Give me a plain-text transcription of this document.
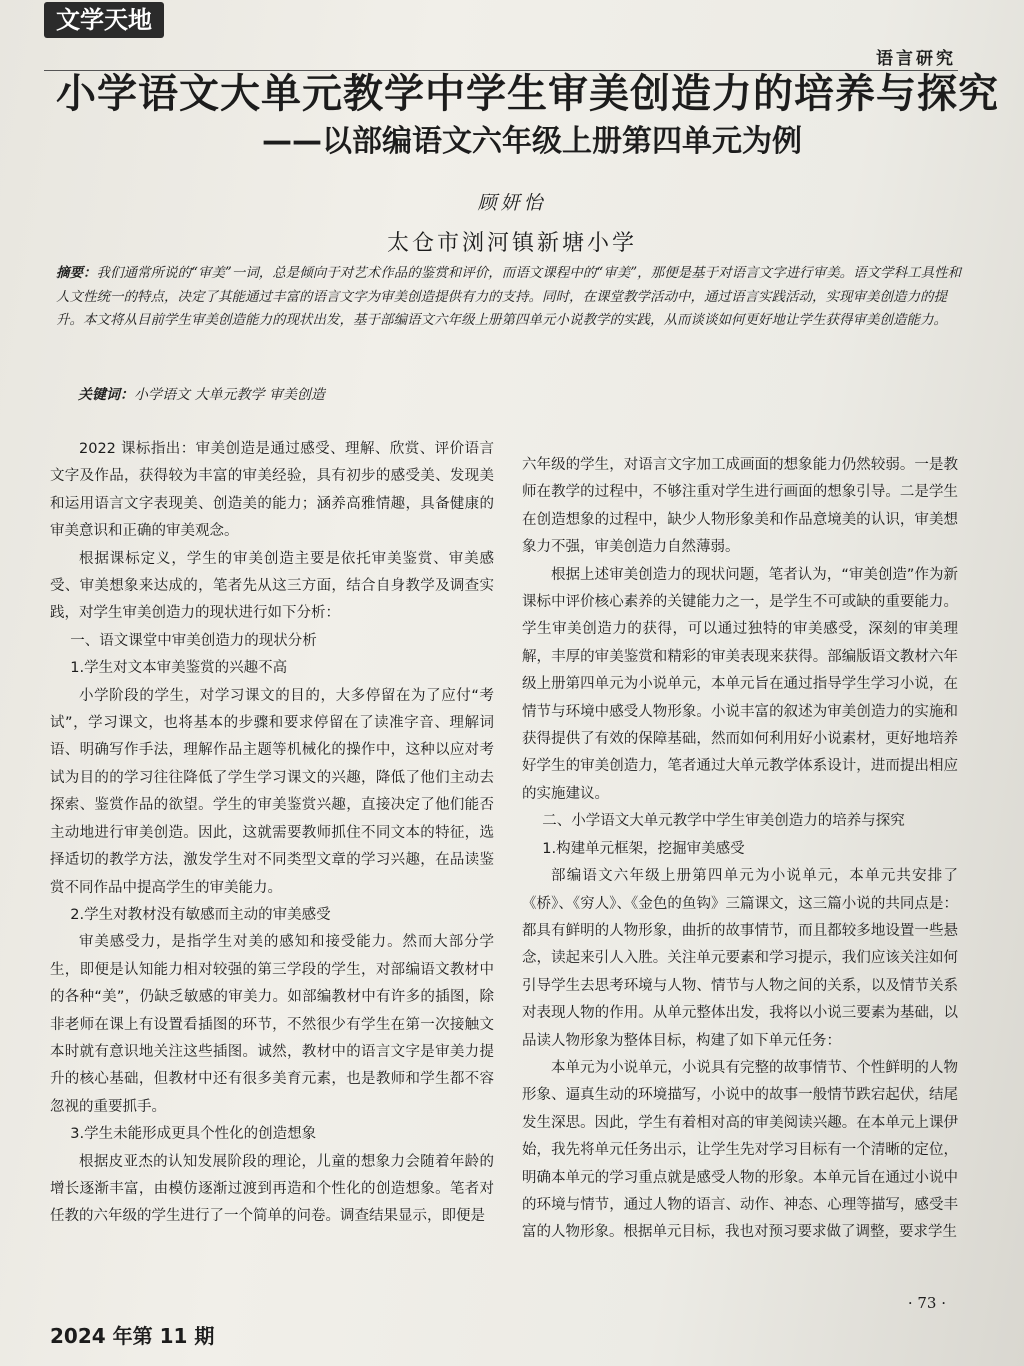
文学天地
语言研究
小学语文大单元教学中学生审美创造力的培养与探究
——以部编语文六年级上册第四单元为例
顾妍怡
太仓市浏河镇新塘小学
摘要：我们通常所说的“审美”一词，总是倾向于对艺术作品的鉴赏和评价，而语文课程中的“审美”，那便是基于对语言文字进行审美。语文学科工具性和人文性统一的特点，决定了其能通过丰富的语言文字为审美创造提供有力的支持。同时，在课堂教学活动中，通过语言实践活动，实现审美创造力的提升。本文将从目前学生审美创造能力的现状出发，基于部编语文六年级上册第四单元小说教学的实践，从而谈谈如何更好地让学生获得审美创造能力。
关键词：小学语文 大单元教学 审美创造

2022 课标指出：审美创造是通过感受、理解、欣赏、评价语言文字及作品，获得较为丰富的审美经验，具有初步的感受美、发现美和运用语言文字表现美、创造美的能力；涵养高雅情趣，具备健康的审美意识和正确的审美观念。

根据课标定义，学生的审美创造主要是依托审美鉴赏、审美感受、审美想象来达成的，笔者先从这三方面，结合自身教学及调查实践，对学生审美创造力的现状进行如下分析：

一、语文课堂中审美创造力的现状分析
1.学生对文本审美鉴赏的兴趣不高

小学阶段的学生，对学习课文的目的，大多停留在为了应付“考试”，学习课文，也将基本的步骤和要求停留在了读准字音、理解词语、明确写作手法，理解作品主题等机械化的操作中，这种以应对考试为目的的学习往往降低了学生学习课文的兴趣，降低了他们主动去探索、鉴赏作品的欲望。学生的审美鉴赏兴趣，直接决定了他们能否主动地进行审美创造。因此，这就需要教师抓住不同文本的特征，选择适切的教学方法，激发学生对不同类型文章的学习兴趣，在品读鉴赏不同作品中提高学生的审美能力。

2.学生对教材没有敏感而主动的审美感受

审美感受力，是指学生对美的感知和接受能力。然而大部分学生，即便是认知能力相对较强的第三学段的学生，对部编语文教材中的各种“美”，仍缺乏敏感的审美力。如部编教材中有许多的插图，除非老师在课上有设置看插图的环节，不然很少有学生在第一次接触文本时就有意识地关注这些插图。诚然，教材中的语言文字是审美力提升的核心基础，但教材中还有很多美育元素，也是教师和学生都不容忽视的重要抓手。

3.学生未能形成更具个性化的创造想象

根据皮亚杰的认知发展阶段的理论，儿童的想象力会随着年龄的增长逐渐丰富，由模仿逐渐过渡到再造和个性化的创造想象。笔者对任教的六年级的学生进行了一个简单的问卷。调查结果显示，即便是

六年级的学生，对语言文字加工成画面的想象能力仍然较弱。一是教师在教学的过程中，不够注重对学生进行画面的想象引导。二是学生在创造想象的过程中，缺少人物形象美和作品意境美的认识，审美想象力不强，审美创造力自然薄弱。

根据上述审美创造力的现状问题，笔者认为，“审美创造”作为新课标中评价核心素养的关键能力之一，是学生不可或缺的重要能力。学生审美创造力的获得，可以通过独特的审美感受，深刻的审美理解，丰厚的审美鉴赏和精彩的审美表现来获得。部编版语文教材六年级上册第四单元为小说单元，本单元旨在通过指导学生学习小说，在情节与环境中感受人物形象。小说丰富的叙述为审美创造力的实施和获得提供了有效的保障基础，然而如何利用好小说素材，更好地培养好学生的审美创造力，笔者通过大单元教学体系设计，进而提出相应的实施建议。

二、小学语文大单元教学中学生审美创造力的培养与探究
1.构建单元框架，挖掘审美感受

部编语文六年级上册第四单元为小说单元，本单元共安排了《桥》、《穷人》、《金色的鱼钩》三篇课文，这三篇小说的共同点是：都具有鲜明的人物形象，曲折的故事情节，而且都较多地设置一些悬念，读起来引人入胜。关注单元要素和学习提示，我们应该关注如何引导学生去思考环境与人物、情节与人物之间的关系，以及情节关系对表现人物的作用。从单元整体出发，我将以小说三要素为基础，以品读人物形象为整体目标，构建了如下单元任务：

本单元为小说单元，小说具有完整的故事情节、个性鲜明的人物形象、逼真生动的环境描写，小说中的故事一般情节跌宕起伏，结尾发生深思。因此，学生有着相对高的审美阅读兴趣。在本单元上课伊始，我先将单元任务出示，让学生先对学习目标有一个清晰的定位，明确本单元的学习重点就是感受人物的形象。本单元旨在通过小说中的环境与情节，通过人物的语言、动作、神态、心理等描写，感受丰富的人物形象。根据单元目标，我也对预习要求做了调整，要求学生

· 73 ·
2024 年第 11 期
